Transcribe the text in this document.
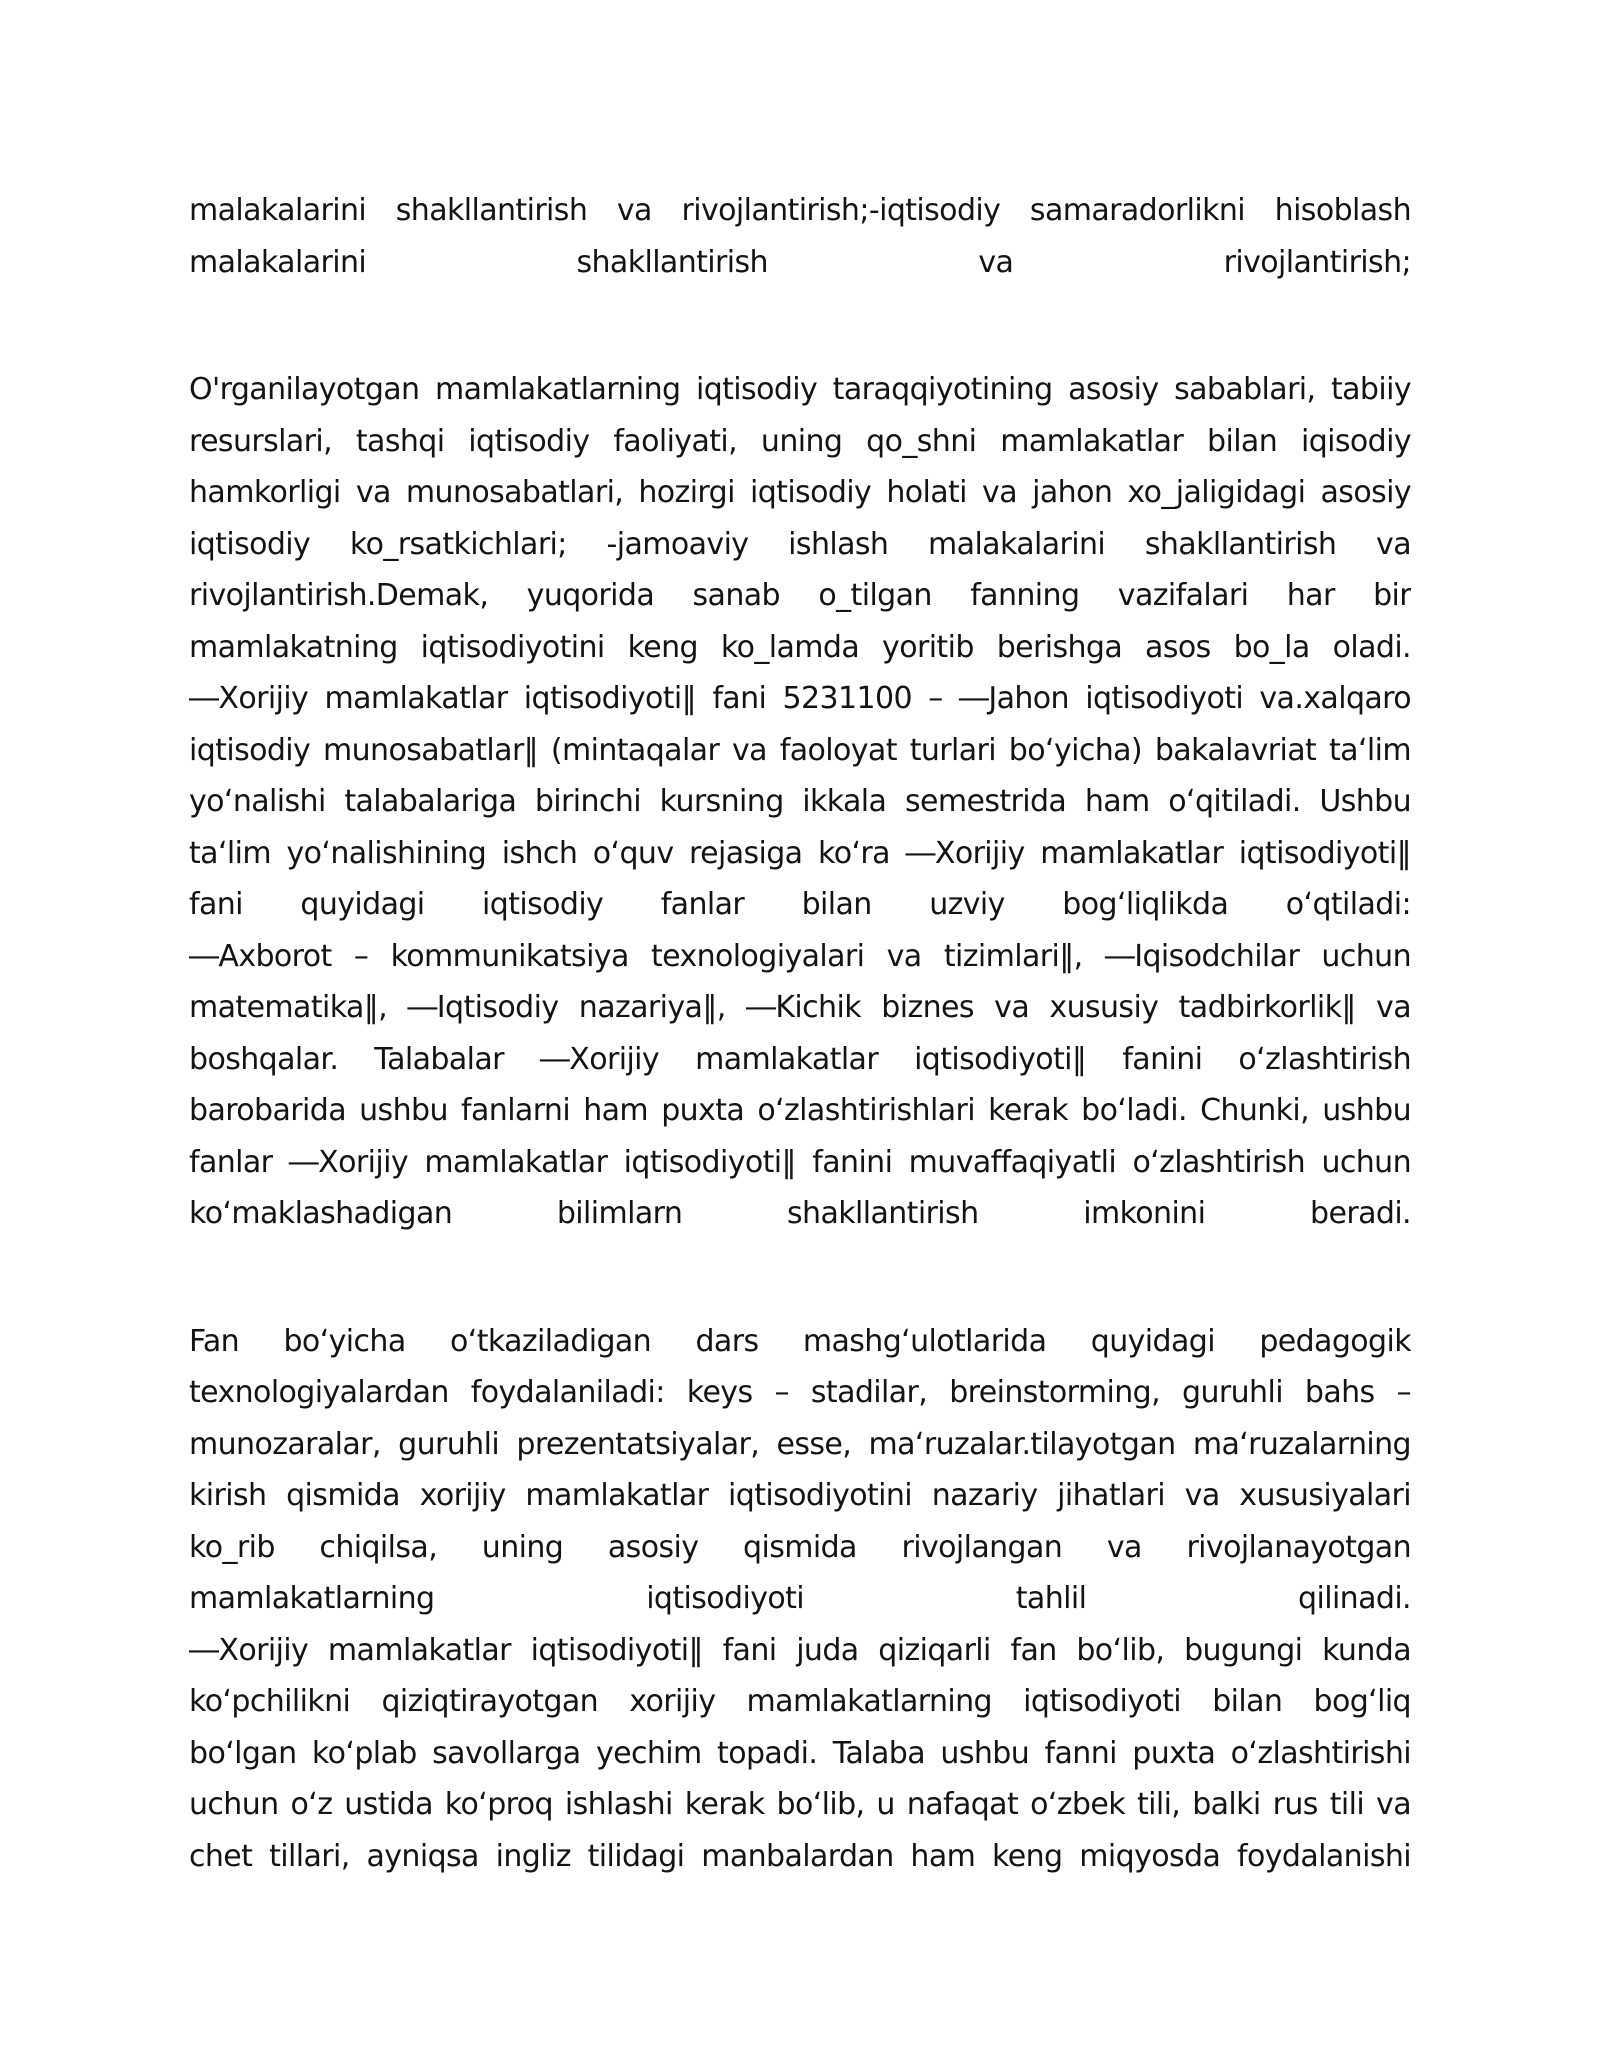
malakalarini shakllantirish va rivojlantirish;-iqtisodiy samaradorlikni hisoblash
malakalarini shakllantirish va rivojlantirish;
O'rganilayotgan mamlakatlarning iqtisodiy taraqqiyotining asosiy sabablari, tabiiy
resurslari, tashqi iqtisodiy faoliyati, uning qo_shni mamlakatlar bilan iqisodiy
hamkorligi va munosabatlari, hozirgi iqtisodiy holati va jahon xo_jaligidagi asosiy
iqtisodiy ko_rsatkichlari; -jamoaviy ishlash malakalarini shakllantirish va
rivojlantirish.Demak, yuqorida sanab o_tilgan fanning vazifalari har bir
mamlakatning iqtisodiyotini keng ko_lamda yoritib berishga asos bo_la oladi.
―Xorijiy mamlakatlar iqtisodiyoti‖ fani 5231100 – ―Jahon iqtisodiyoti va.xalqaro
iqtisodiy munosabatlar‖ (mintaqalar va faoloyat turlari boʻyicha) bakalavriat taʻlim
yoʻnalishi talabalariga birinchi kursning ikkala semestrida ham oʻqitiladi. Ushbu
taʻlim yoʻnalishining ishch oʻquv rejasiga koʻra ―Xorijiy mamlakatlar iqtisodiyoti‖
fani quyidagi iqtisodiy fanlar bilan uzviy bogʻliqlikda oʻqtiladi:
―Axborot – kommunikatsiya texnologiyalari va tizimlari‖, ―Iqisodchilar uchun
matematika‖, ―Iqtisodiy nazariya‖, ―Kichik biznes va xususiy tadbirkorlik‖ va
boshqalar. Talabalar ―Xorijiy mamlakatlar iqtisodiyoti‖ fanini oʻzlashtirish
barobarida ushbu fanlarni ham puxta oʻzlashtirishlari kerak boʻladi. Chunki, ushbu
fanlar ―Xorijiy mamlakatlar iqtisodiyoti‖ fanini muvaffaqiyatli oʻzlashtirish uchun
koʻmaklashadigan bilimlarn shakllantirish imkonini beradi.
Fan boʻyicha oʻtkaziladigan dars mashgʻulotlarida quyidagi pedagogik
texnologiyalardan foydalaniladi: keys – stadilar, breinstorming, guruhli bahs –
munozaralar, guruhli prezentatsiyalar, esse, maʻruzalar.tilayotgan maʻruzalarning
kirish qismida xorijiy mamlakatlar iqtisodiyotini nazariy jihatlari va xususiyalari
ko_rib chiqilsa, uning asosiy qismida rivojlangan va rivojlanayotgan
mamlakatlarning iqtisodiyoti tahlil qilinadi.
―Xorijiy mamlakatlar iqtisodiyoti‖ fani juda qiziqarli fan boʻlib, bugungi kunda
koʻpchilikni qiziqtirayotgan xorijiy mamlakatlarning iqtisodiyoti bilan bogʻliq
boʻlgan koʻplab savollarga yechim topadi. Talaba ushbu fanni puxta oʻzlashtirishi
uchun oʻz ustida koʻproq ishlashi kerak boʻlib, u nafaqat oʻzbek tili, balki rus tili va
chet tillari, ayniqsa ingliz tilidagi manbalardan ham keng miqyosda foydalanishi
